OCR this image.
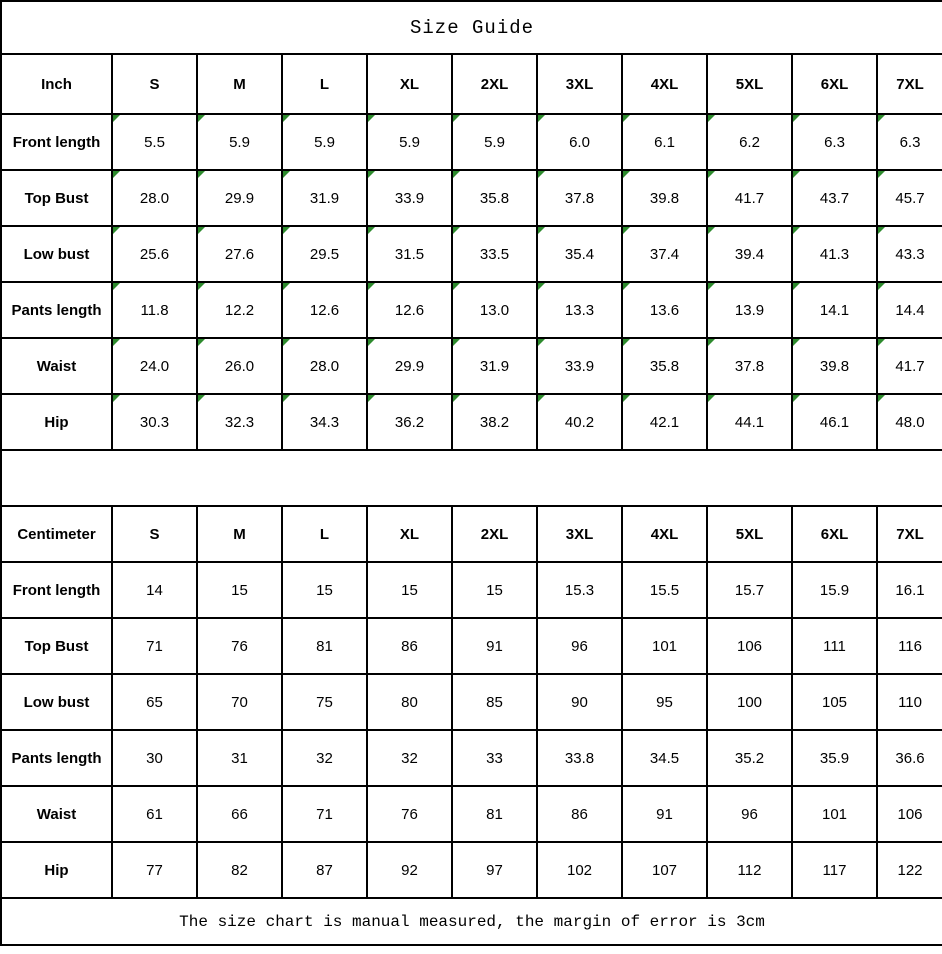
Size Guide										
Inch	S	M	L	XL	2XL	3XL	4XL	5XL	6XL	7XL
Front length	5.5	5.9	5.9	5.9	5.9	6.0	6.1	6.2	6.3	6.3
Top Bust	28.0	29.9	31.9	33.9	35.8	37.8	39.8	41.7	43.7	45.7
Low bust	25.6	27.6	29.5	31.5	33.5	35.4	37.4	39.4	41.3	43.3
Pants length	11.8	12.2	12.6	12.6	13.0	13.3	13.6	13.9	14.1	14.4
Waist	24.0	26.0	28.0	29.9	31.9	33.9	35.8	37.8	39.8	41.7
Hip	30.3	32.3	34.3	36.2	38.2	40.2	42.1	44.1	46.1	48.0

Centimeter	S	M	L	XL	2XL	3XL	4XL	5XL	6XL	7XL
Front length	14	15	15	15	15	15.3	15.5	15.7	15.9	16.1
Top Bust	71	76	81	86	91	96	101	106	111	116
Low bust	65	70	75	80	85	90	95	100	105	110
Pants length	30	31	32	32	33	33.8	34.5	35.2	35.9	36.6
Waist	61	66	71	76	81	86	91	96	101	106
Hip	77	82	87	92	97	102	107	112	117	122
The size chart is manual measured, the margin of error is 3cm										
